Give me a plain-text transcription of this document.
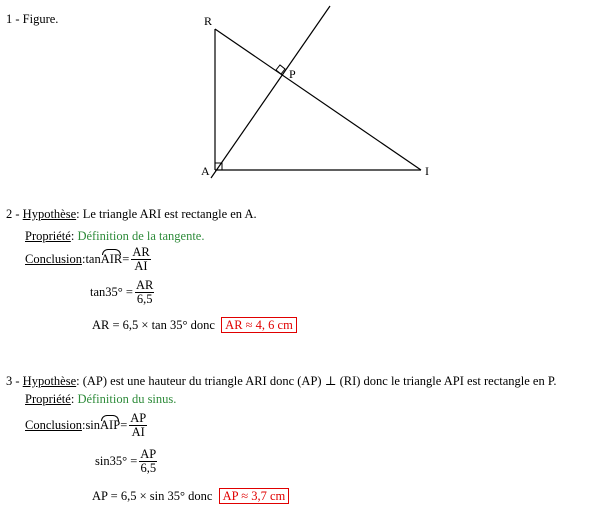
1 - Figure.	R
P
A	I
2 - Hypothèse: Le triangle ARI est rectangle en A.
Propriété: Définition de la tangente.
Conclusion : tan AIR = $\frac{AR}{AI}$
$\tan 35^\circ = \frac{AR}{6,5}$
AR = 6,5 × tan 35° donc AR ≈ 4, 6 cm
3 - Hypothèse: (AP) est une hauteur du triangle ARI donc (AP) ⊥ (RI) donc le triangle API est rectangle en P.
Propriété: Définition du sinus.
Conclusion : sin AIP = $\frac{AP}{AI}$
$\sin 35^\circ = \frac{AP}{6,5}$
AP = 6,5 × sin 35° donc AP ≈ 3,7 cm
